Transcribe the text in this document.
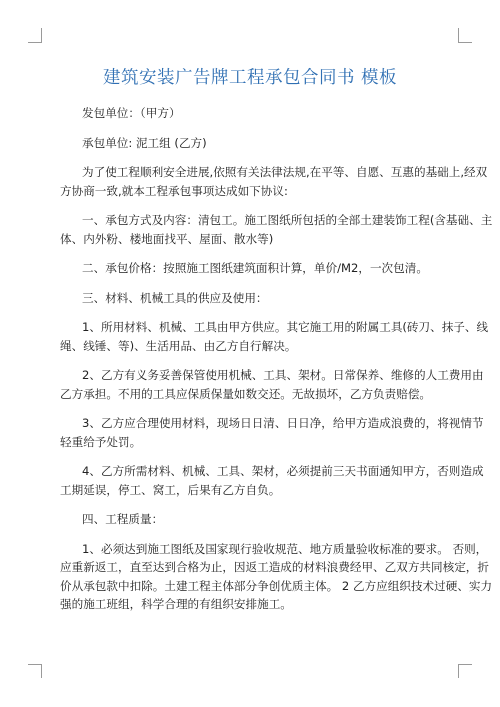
建筑安装广告牌工程承包合同书 模板
发包单位：（甲方）
承包单位: 泥工组 (乙方)
为了使工程顺利安全进展,依照有关法律法规,在平等、自愿、互惠的基础上,经双
方协商一致,就本工程承包事项达成如下协议:
一、承包方式及内容：清包工。施工图纸所包括的全部土建装饰工程(含基础、主
体、内外粉、楼地面找平、屋面、散水等)
二、承包价格：按照施工图纸建筑面积计算，单价/M2，一次包清。
三、材料、机械工具的供应及使用：
1、所用材料、机械、工具由甲方供应。其它施工用的附属工具(砖刀、抹子、线
绳、线锤、等)、生活用品、由乙方自行解决。
2、乙方有义务妥善保管使用机械、工具、架材。日常保养、维修的人工费用由
乙方承担。不用的工具应保质保量如数交还。无故损坏，乙方负责赔偿。
3、乙方应合理使用材料，现场日日清、日日净，给甲方造成浪费的，将视情节
轻重给予处罚。
4、乙方所需材料、机械、工具、架材，必须提前三天书面通知甲方，否则造成
工期延误，停工、窝工，后果有乙方自负。
四、工程质量：
1、必须达到施工图纸及国家现行验收规范、地方质量验收标准的要求。 否则，
应重新返工，直至达到合格为止，因返工造成的材料浪费经甲、乙双方共同核定，折
价从承包款中扣除。土建工程主体部分争创优质主体。 2 乙方应组织技术过硬、实力
强的施工班组，科学合理的有组织安排施工。
